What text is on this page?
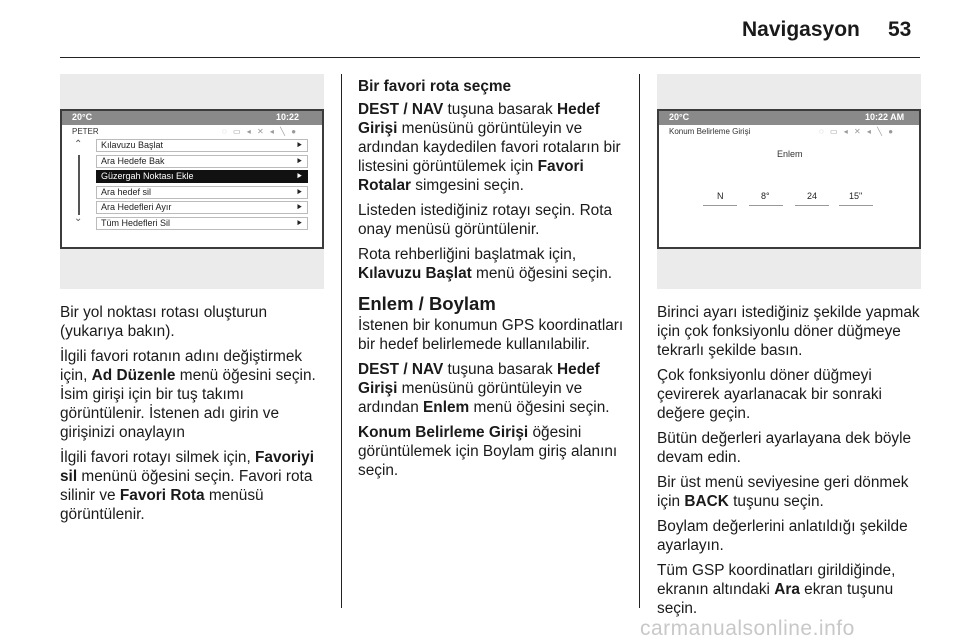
Navigasyon 53
20°C	10:22
PETER	◌ ▭ ◂ ✕ ◂ ╲ ●
⌃
⌄
Kılavuzu Başlat	⯈
Ara Hedefe Bak	⯈
Güzergah Noktası Ekle	⯈
Ara hedef sil	⯈
Ara Hedefleri Ayır	⯈
Tüm Hedefleri Sil	⯈
20°C	10:22 AM
Konum Belirleme Girişi	◌ ▭ ◂ ✕ ◂ ╲ ●
Enlem
N	8°	24	15"

Bir yol noktası rotası oluşturun (yukarıya bakın).

İlgili favori rotanın adını değiştirmek için, Ad Düzenle menü öğesini seçin. İsim girişi için bir tuş takımı görüntülenir. İstenen adı girin ve girişinizi onaylayın

İlgili favori rotayı silmek için, Favoriyi sil menünü öğesini seçin. Favori rota silinir ve Favori Rota menüsü görüntülenir.

Bir favori rota seçme

DEST / NAV tuşuna basarak Hedef Girişi menüsünü görüntüleyin ve ardından kaydedilen favori rotaların bir listesini görüntülemek için Favori Rotalar simgesini seçin.

Listeden istediğiniz rotayı seçin. Rota onay menüsü görüntülenir.

Rota rehberliğini başlatmak için, Kılavuzu Başlat menü öğesini seçin.

Enlem / Boylam

İstenen bir konumun GPS koordinatları bir hedef belirlemede kullanılabilir.

DEST / NAV tuşuna basarak Hedef Girişi menüsünü görüntüleyin ve ardından Enlem menü öğesini seçin.

Konum Belirleme Girişi öğesini görüntülemek için Boylam giriş alanını seçin.

Birinci ayarı istediğiniz şekilde yapmak için çok fonksiyonlu döner düğmeye tekrarlı şekilde basın.

Çok fonksiyonlu döner düğmeyi çevirerek ayarlanacak bir sonraki değere geçin.

Bütün değerleri ayarlayana dek böyle devam edin.

Bir üst menü seviyesine geri dönmek için BACK tuşunu seçin.

Boylam değerlerini anlatıldığı şekilde ayarlayın.

Tüm GSP koordinatları girildiğinde, ekranın altındaki Ara ekran tuşunu seçin.

carmanualsonline.info
